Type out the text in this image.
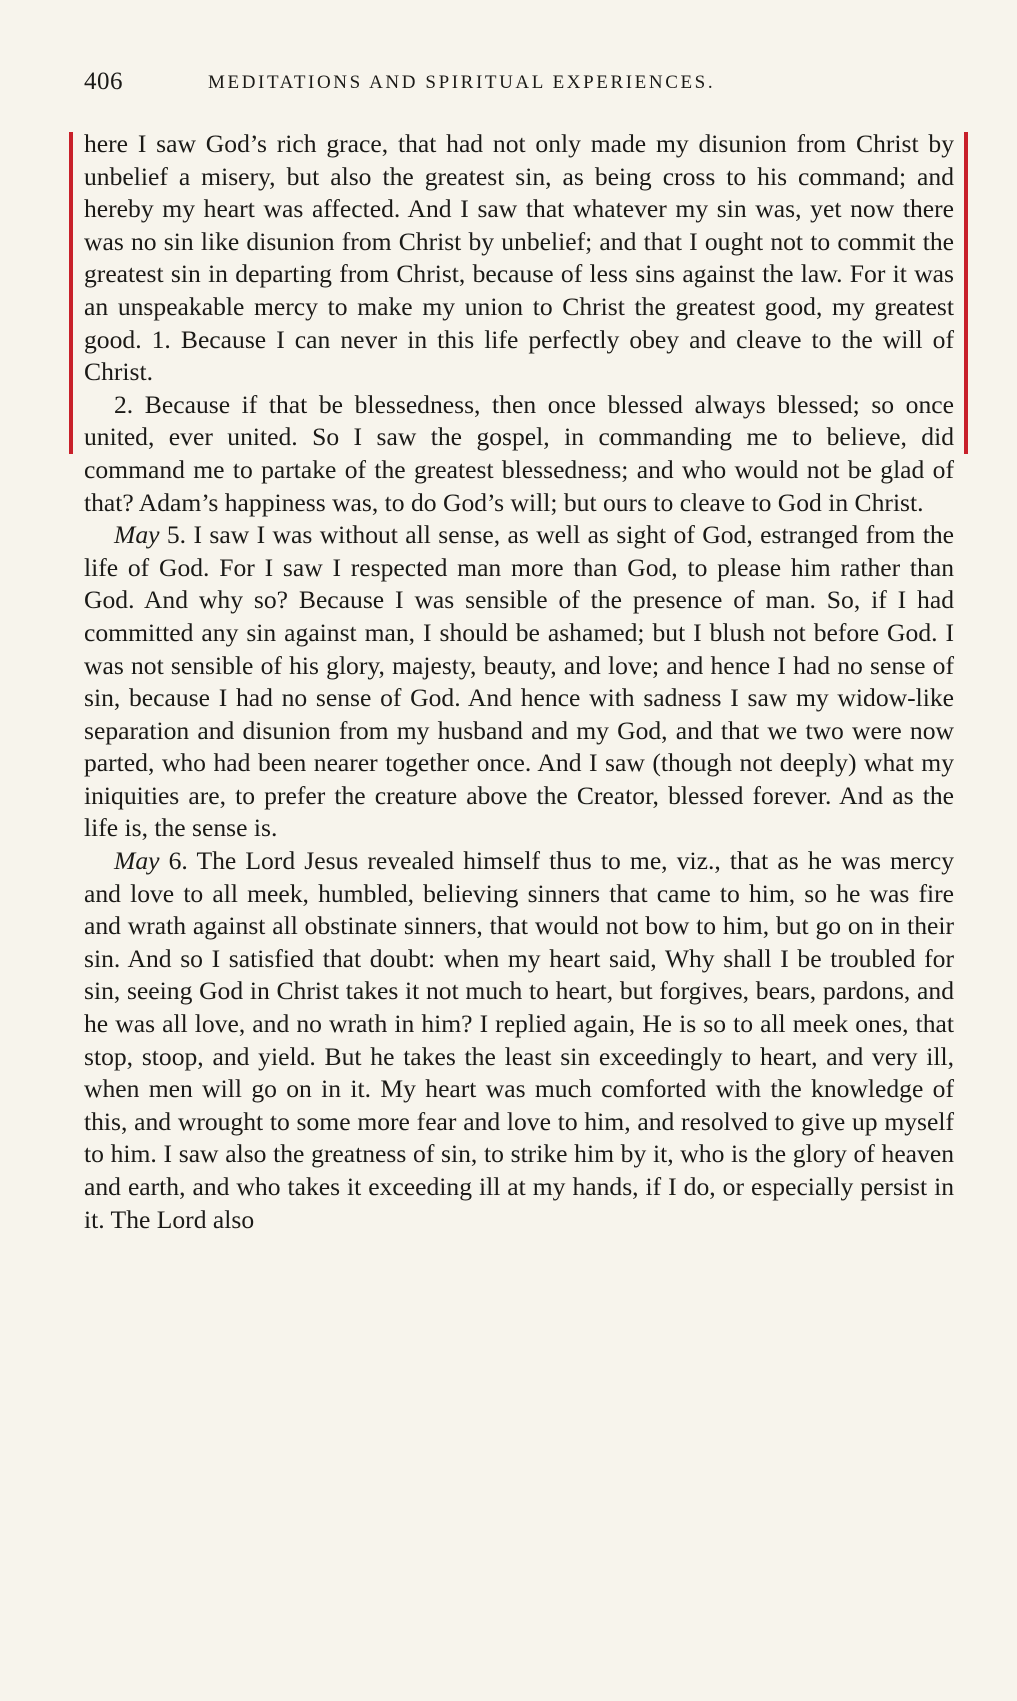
406	MEDITATIONS AND SPIRITUAL EXPERIENCES.

here I saw God’s rich grace, that had not only made my disunion from Christ by unbelief a misery, but also the greatest sin, as being cross to his command; and hereby my heart was affected. And I saw that whatever my sin was, yet now there was no sin like disunion from Christ by unbelief; and that I ought not to commit the greatest sin in departing from Christ, because of less sins against the law. For it was an unspeakable mercy to make my union to Christ the greatest good, my greatest good. 1. Because I can never in this life perfectly obey and cleave to the will of Christ.

2. Because if that be blessedness, then once blessed always blessed; so once united, ever united. So I saw the gospel, in commanding me to believe, did command me to partake of the greatest blessedness; and who would not be glad of that? Adam’s happiness was, to do God’s will; but ours to cleave to God in Christ.

May 5. I saw I was without all sense, as well as sight of God, estranged from the life of God. For I saw I respected man more than God, to please him rather than God. And why so? Because I was sensible of the presence of man. So, if I had committed any sin against man, I should be ashamed; but I blush not before God. I was not sensible of his glory, majesty, beauty, and love; and hence I had no sense of sin, because I had no sense of God. And hence with sadness I saw my widow-like separation and disunion from my husband and my God, and that we two were now parted, who had been nearer together once. And I saw (though not deeply) what my iniquities are, to prefer the creature above the Creator, blessed forever. And as the life is, the sense is.

May 6. The Lord Jesus revealed himself thus to me, viz., that as he was mercy and love to all meek, humbled, believing sinners that came to him, so he was fire and wrath against all obstinate sinners, that would not bow to him, but go on in their sin. And so I satisfied that doubt: when my heart said, Why shall I be troubled for sin, seeing God in Christ takes it not much to heart, but forgives, bears, pardons, and he was all love, and no wrath in him? I replied again, He is so to all meek ones, that stop, stoop, and yield. But he takes the least sin exceedingly to heart, and very ill, when men will go on in it. My heart was much comforted with the knowledge of this, and wrought to some more fear and love to him, and resolved to give up myself to him. I saw also the greatness of sin, to strike him by it, who is the glory of heaven and earth, and who takes it exceeding ill at my hands, if I do, or especially persist in it. The Lord also
